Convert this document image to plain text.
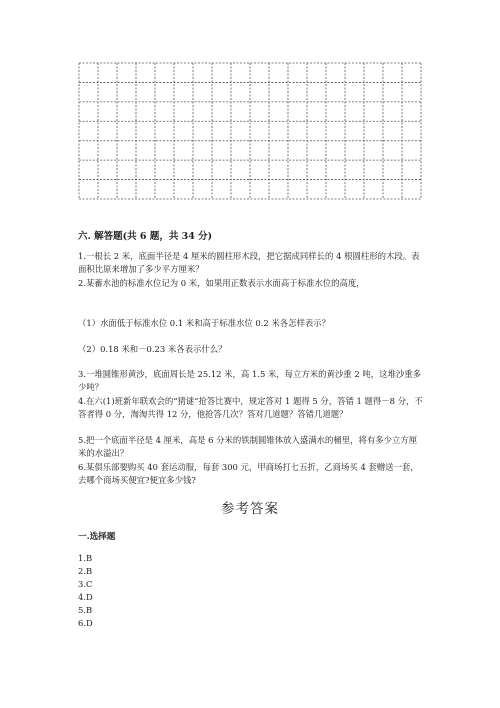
六. 解答题(共 6 题，共 34 分)
1.一根长 2 米，底面半径是 4 厘米的圆柱形木段，把它据成同样长的 4 根圆柱形的木段。表面积比原来增加了多少平方厘米？
2.某蓄水池的标准水位记为 0 米，如果用正数表示水面高于标准水位的高度，
（1）水面低于标准水位 0.1 米和高于标准水位 0.2 米各怎样表示？
（2）0.18 米和－0.23 米各表示什么？
3.一堆圆锥形黄沙，底面周长是 25.12 米，高 1.5 米，每立方米的黄沙重 2 吨，这堆沙重多少吨？
4.在六(1)班新年联欢会的“猜谜”抢答比赛中，规定答对 1 题得 5 分，答错 1 题得－8 分，不答者得 0 分，淘淘共得 12 分，他抢答几次？答对几道题？答错几道题？
5.把一个底面半径是 4 厘米，高是 6 分米的铁制圆锥体放入盛满水的桶里，将有多少立方厘米的水溢出？
6.某俱乐部要购买 40 套运动服，每套 300 元，甲商场打七五折，乙商场买 4 套赠送一套，去哪个商场买便宜?便宜多少钱?
参考答案
一.选择题
1.B
2.B
3.C
4.D
5.B
6.D
